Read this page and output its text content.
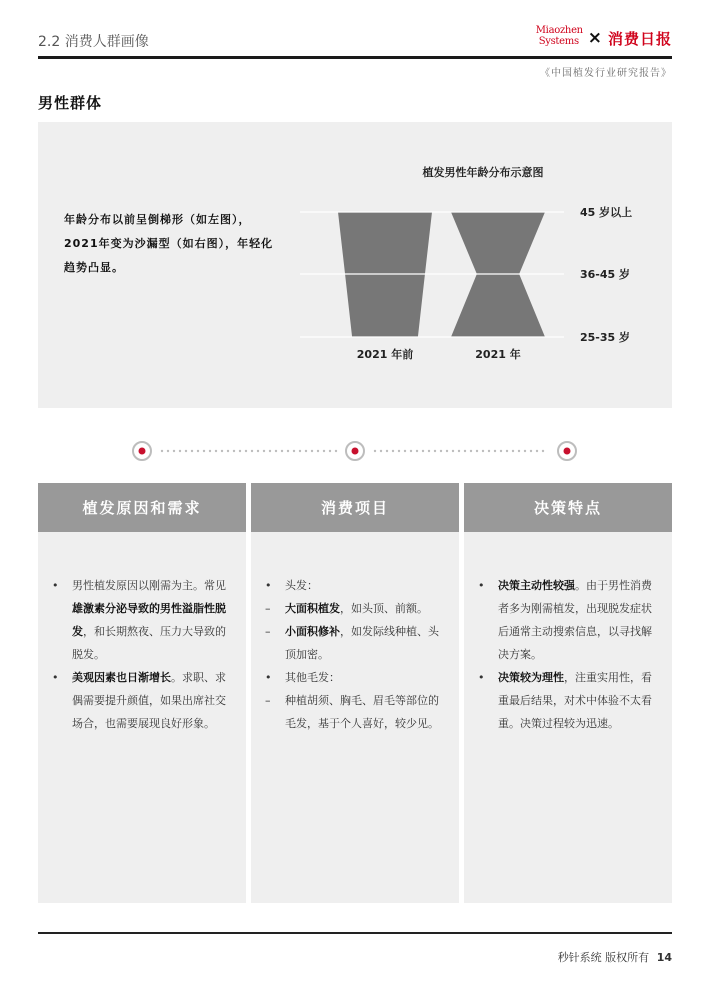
2.2 消费人群画像
Miaozhen Systems × 消费日报
《中国植发行业研究报告》
男性群体
年龄分布以前呈倒梯形（如左图），2021年变为沙漏型（如右图），年轻化趋势凸显。
植发男性年龄分布示意图
2021 年前	2021 年
45 岁以上
36-45 岁
25-35 岁
植发原因和需求
•	男性植发原因以刚需为主。常见雄激素分泌导致的男性溢脂性脱发，和长期熬夜、压力大导致的脱发。
•	美观因素也日渐增长。求职、求偶需要提升颜值，如果出席社交场合，也需要展现良好形象。
消费项目
•	头发：
–	大面积植发，如头顶、前额。
–	小面积修补，如发际线种植、头顶加密。
•	其他毛发：
–	种植胡须、胸毛、眉毛等部位的毛发，基于个人喜好，较少见。
决策特点
•	决策主动性较强。由于男性消费者多为刚需植发，出现脱发症状后通常主动搜索信息，以寻找解决方案。
•	决策较为理性，注重实用性，看重最后结果，对术中体验不太看重。决策过程较为迅速。
秒针系统 版权所有 14
